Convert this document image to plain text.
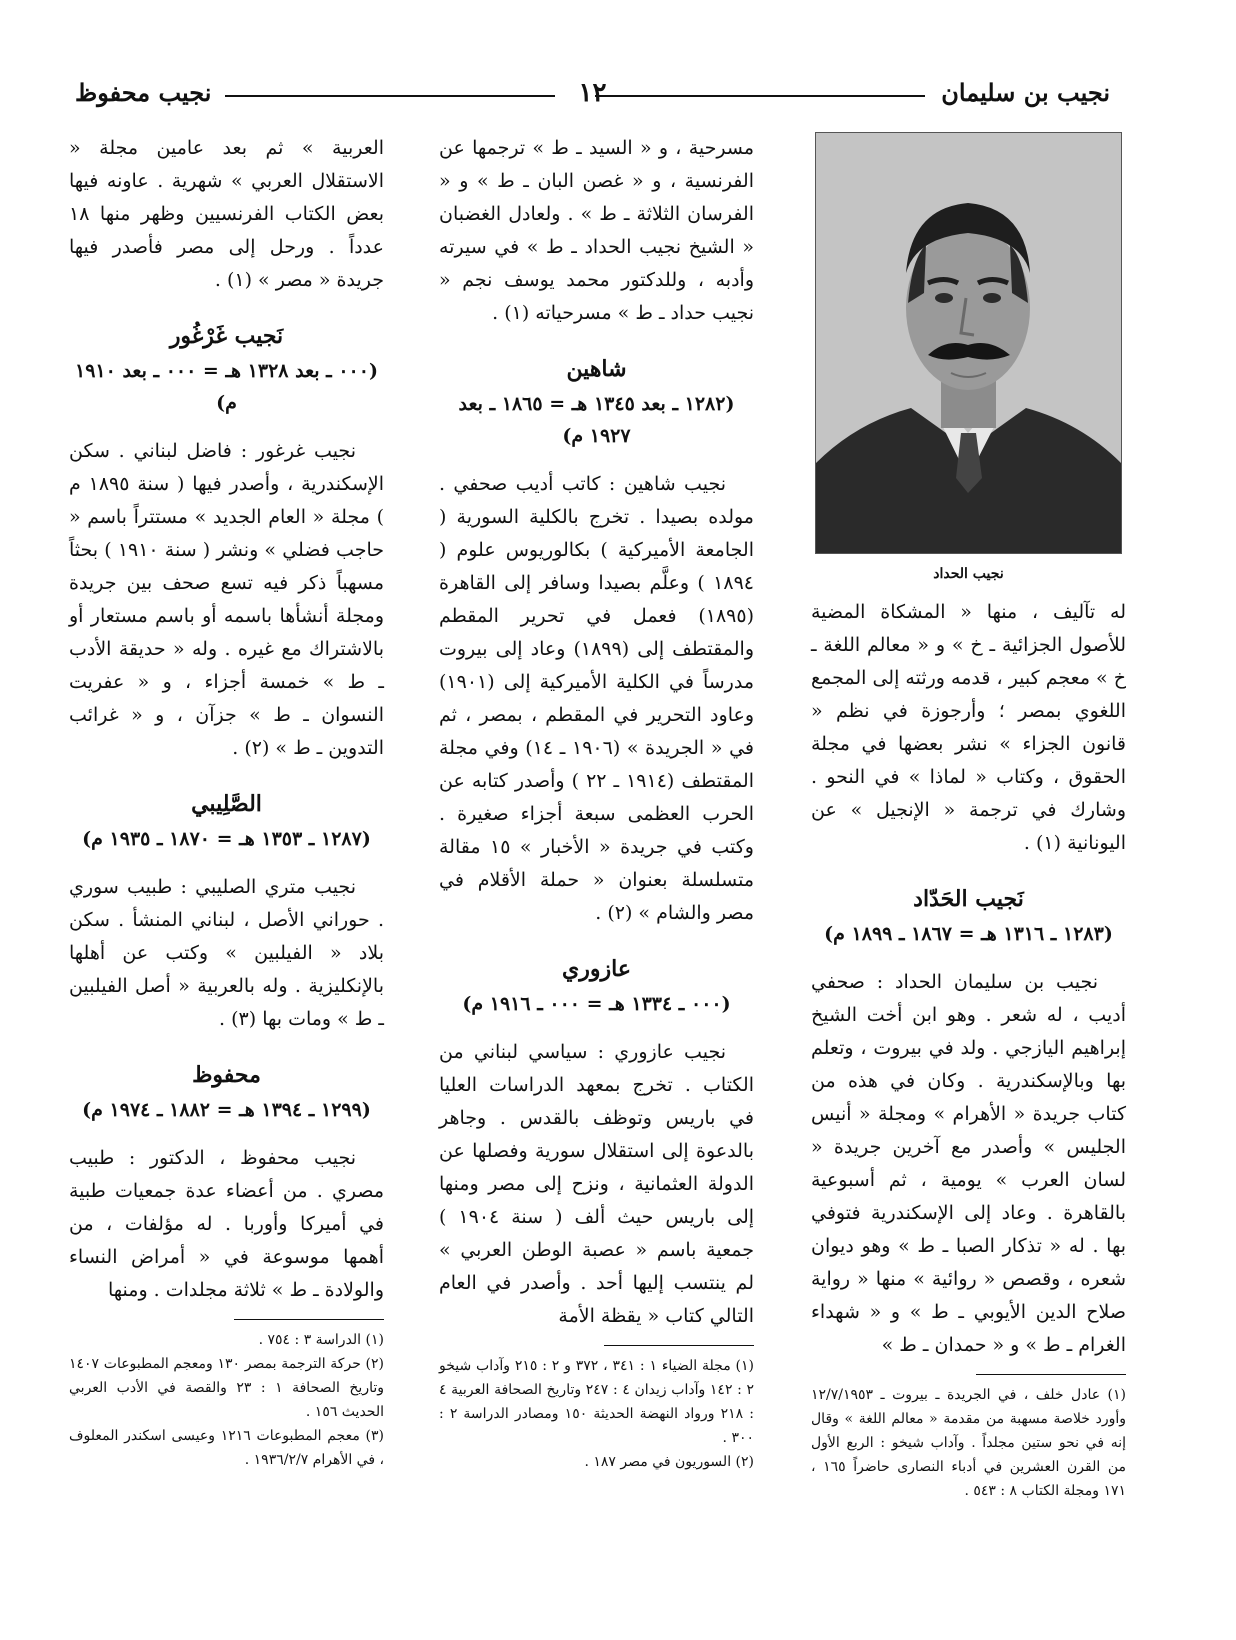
نجيب بن سليمان
١٢
نجيب محفوظ
نجيب الحداد

له تآليف ، منها « المشكاة المضية للأصول الجزائية ـ خ » و « معالم اللغة ـ خ » معجم كبير ، قدمه ورثته إلى المجمع اللغوي بمصر ؛ وأرجوزة في نظم « قانون الجزاء » نشر بعضها في مجلة الحقوق ، وكتاب « لماذا » في النحو . وشارك في ترجمة « الإنجيل » عن اليونانية (١) .

نَجيب الحَدّاد
(١٢٨٣ ـ ١٣١٦ هـ = ١٨٦٧ ـ ١٨٩٩ م)

نجيب بن سليمان الحداد : صحفي أديب ، له شعر . وهو ابن أخت الشيخ إبراهيم اليازجي . ولد في بيروت ، وتعلم بها وبالإسكندرية . وكان في هذه من كتاب جريدة « الأهرام » ومجلة « أنيس الجليس » وأصدر مع آخرين جريدة « لسان العرب » يومية ، ثم أسبوعية بالقاهرة . وعاد إلى الإسكندرية فتوفي بها . له « تذكار الصبا ـ ط » وهو ديوان شعره ، وقصص « روائية » منها « رواية صلاح الدين الأيوبي ـ ط » و « شهداء الغرام ـ ط » و « حمدان ـ ط »

(١) عادل خلف ، في الجريدة ـ بيروت ـ ١٢/٧/١٩٥٣ وأورد خلاصة مسهبة من مقدمة « معالم اللغة » وقال إنه في نحو ستين مجلداً . وآداب شيخو : الربع الأول من القرن العشرين في أدباء النصارى حاضراً ١٦٥ ، ١٧١ ومجلة الكتاب ٨ : ٥٤٣ .

مسرحية ، و « السيد ـ ط » ترجمها عن الفرنسية ، و « غصن البان ـ ط » و « الفرسان الثلاثة ـ ط » . ولعادل الغضبان « الشيخ نجيب الحداد ـ ط » في سيرته وأدبه ، وللدكتور محمد يوسف نجم « نجيب حداد ـ ط » مسرحياته (١) .

شاهين
(١٢٨٢ ـ بعد ١٣٤٥ هـ = ١٨٦٥ ـ بعد ١٩٢٧ م)

نجيب شاهين : كاتب أديب صحفي . مولده بصيدا . تخرج بالكلية السورية ( الجامعة الأميركية ) بكالوريوس علوم ( ١٨٩٤ ) وعلَّم بصيدا وسافر إلى القاهرة (١٨٩٥) فعمل في تحرير المقطم والمقتطف إلى (١٨٩٩) وعاد إلى بيروت مدرساً في الكلية الأميركية إلى (١٩٠١) وعاود التحرير في المقطم ، بمصر ، ثم في « الجريدة » (١٩٠٦ ـ ١٤) وفي مجلة المقتطف (١٩١٤ ـ ٢٢ ) وأصدر كتابه عن الحرب العظمى سبعة أجزاء صغيرة . وكتب في جريدة « الأخبار » ١٥ مقالة متسلسلة بعنوان « حملة الأقلام في مصر والشام » (٢) .

عازوري
(٠٠٠ ـ ١٣٣٤ هـ = ٠٠٠ ـ ١٩١٦ م)

نجيب عازوري : سياسي لبناني من الكتاب . تخرج بمعهد الدراسات العليا في باريس وتوظف بالقدس . وجاهر بالدعوة إلى استقلال سورية وفصلها عن الدولة العثمانية ، ونزح إلى مصر ومنها إلى باريس حيث ألف ( سنة ١٩٠٤ ) جمعية باسم « عصبة الوطن العربي » لم ينتسب إليها أحد . وأصدر في العام التالي كتاب « يقظة الأمة

(١) مجلة الضياء ١ : ٣٤١ ، ٣٧٢ و ٢ : ٢١٥ وآداب شيخو ٢ : ١٤٢ وآداب زيدان ٤ : ٢٤٧ وتاريخ الصحافة العربية ٤ : ٢١٨ ورواد النهضة الحديثة ١٥٠ ومصادر الدراسة ٢ : ٣٠٠ .

(٢) السوريون في مصر ١٨٧ .

العربية » ثم بعد عامين مجلة « الاستقلال العربي » شهرية . عاونه فيها بعض الكتاب الفرنسيين وظهر منها ١٨ عدداً . ورحل إلى مصر فأصدر فيها جريدة « مصر » (١) .

نَجيب غَرْغُور
(٠٠٠ ـ بعد ١٣٢٨ هـ = ٠٠٠ ـ بعد ١٩١٠ م)

نجيب غرغور : فاضل لبناني . سكن الإسكندرية ، وأصدر فيها ( سنة ١٨٩٥ م ) مجلة « العام الجديد » مستتراً باسم « حاجب فضلي » ونشر ( سنة ١٩١٠ ) بحثاً مسهباً ذكر فيه تسع صحف بين جريدة ومجلة أنشأها باسمه أو باسم مستعار أو بالاشتراك مع غيره . وله « حديقة الأدب ـ ط » خمسة أجزاء ، و « عفريت النسوان ـ ط » جزآن ، و « غرائب التدوين ـ ط » (٢) .

الصَّلِيبي
(١٢٨٧ ـ ١٣٥٣ هـ = ١٨٧٠ ـ ١٩٣٥ م)

نجيب متري الصليبي : طبيب سوري . حوراني الأصل ، لبناني المنشأ . سكن بلاد « الفيلبين » وكتب عن أهلها بالإنكليزية . وله بالعربية « أصل الفيلبين ـ ط » ومات بها (٣) .

محفوظ
(١٢٩٩ ـ ١٣٩٤ هـ = ١٨٨٢ ـ ١٩٧٤ م)

نجيب محفوظ ، الدكتور : طبيب مصري . من أعضاء عدة جمعيات طبية في أميركا وأوربا . له مؤلفات ، من أهمها موسوعة في « أمراض النساء والولادة ـ ط » ثلاثة مجلدات . ومنها

(١) الدراسة ٣ : ٧٥٤ .

(٢) حركة الترجمة بمصر ١٣٠ ومعجم المطبوعات ١٤٠٧ وتاريخ الصحافة ١ : ٢٣ والقصة في الأدب العربي الحديث ١٥٦ .

(٣) معجم المطبوعات ١٢١٦ وعيسى اسكندر المعلوف ، في الأهرام ١٩٣٦/٢/٧ .
